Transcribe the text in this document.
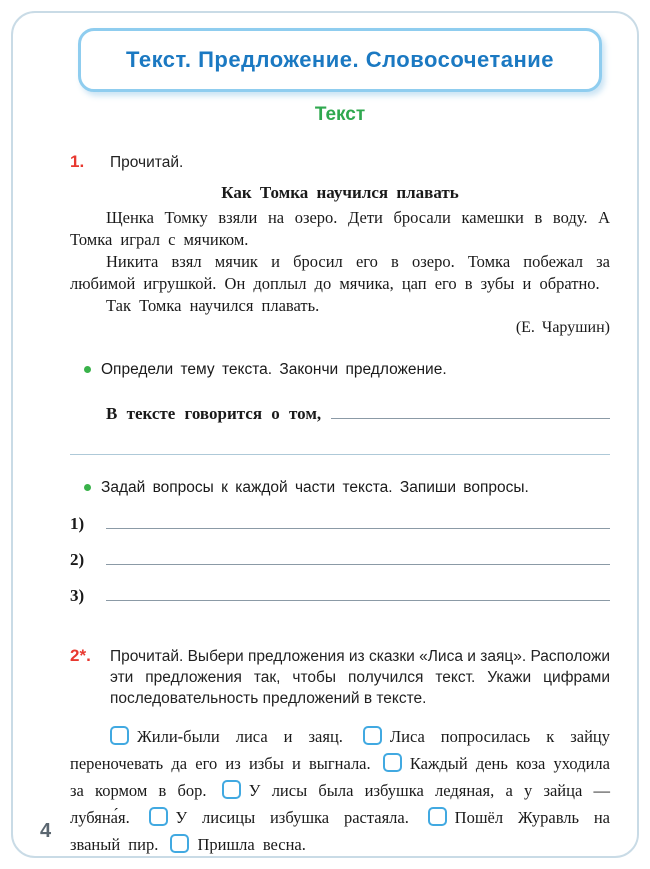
Текст. Предложение. Словосочетание
Текст
1.	Прочитай.
Как Томка научился плавать

Щенка Томку взяли на озеро. Дети бросали камешки в воду. А Томка играл с мячиком.

Никита взял мячик и бросил его в озеро. Томка побежал за любимой игрушкой. Он доплыл до мячика, цап его в зубы и обратно.

Так Томка научился плавать.

(Е. Чарушин)
Определи тему текста. Закончи предложение.
В тексте говорится о том,
Задай вопросы к каждой части текста. Запиши вопросы.
1)
2)
3)
2*.	Прочитай. Выбери предложения из сказки «Лиса и заяц». Расположи эти предложения так, чтобы получился текст. Укажи цифрами последовательность предложений в тексте.

Жили-были лиса и заяц.	Лиса попросилась к зайцу переночевать да его из избы и выгнала. Каждый день коза уходила за кормом в бор.	У лисы была избушка ледяная, а у зайца — лубяна́я.	У лисицы избушка растаяла.	Пошёл Журавль на званый пир. Пришла весна.

4
